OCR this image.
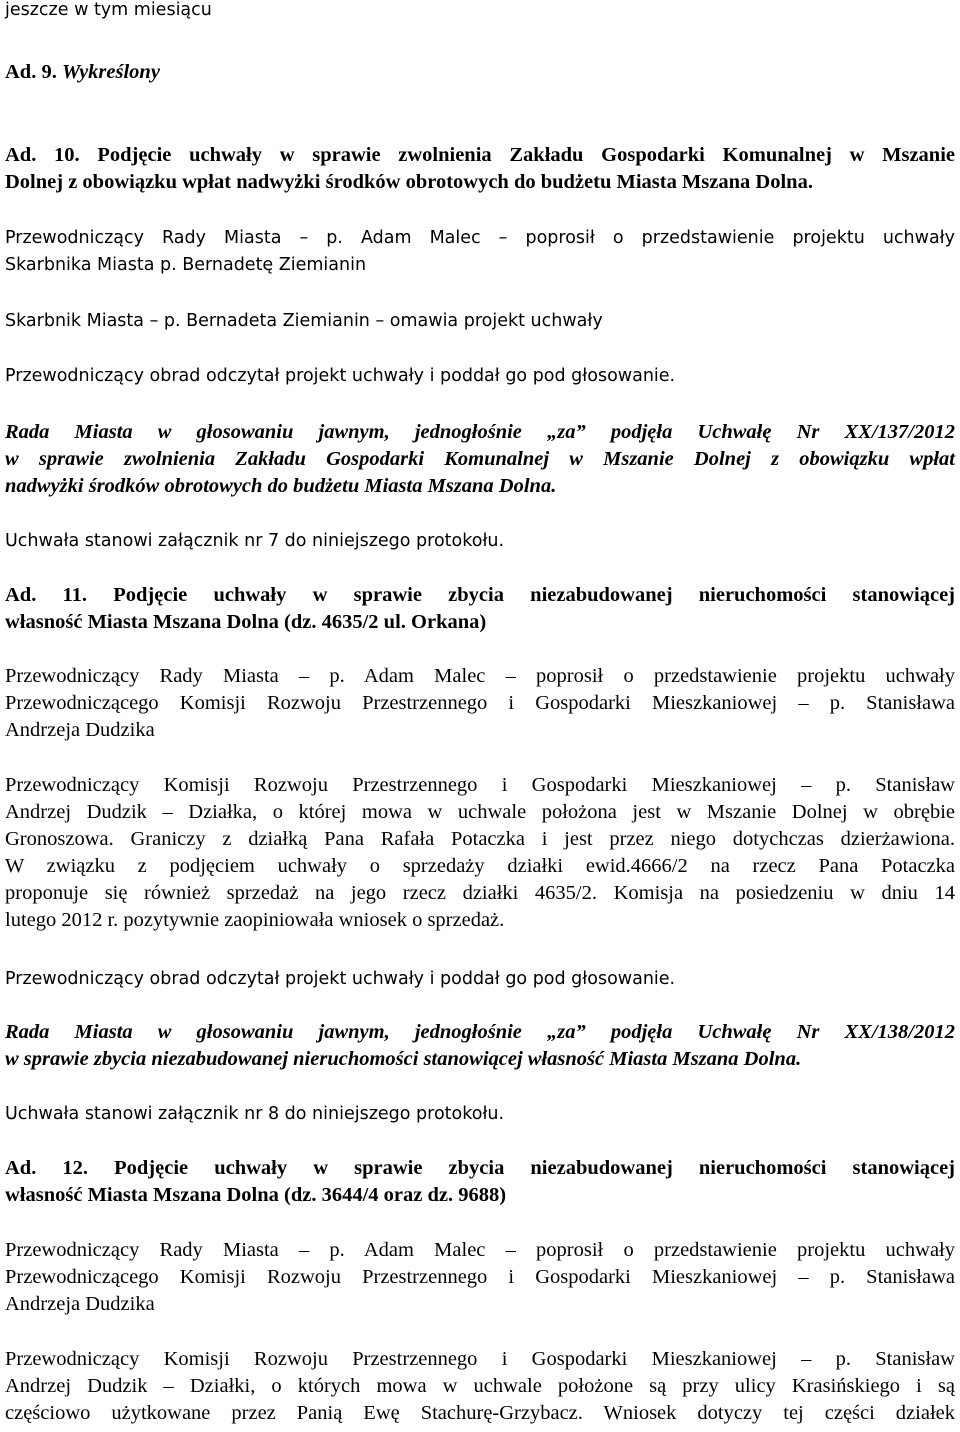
jeszcze w tym miesiącu

Ad. 9. Wykreślony

Ad. 10. Podjęcie uchwały w sprawie zwolnienia Zakładu Gospodarki Komunalnej w Mszanie
Dolnej z obowiązku wpłat nadwyżki środków obrotowych do budżetu Miasta Mszana Dolna.

Przewodniczący Rady Miasta – p. Adam Malec – poprosił o przedstawienie projektu uchwały
Skarbnika Miasta p. Bernadetę Ziemianin

Skarbnik Miasta – p. Bernadeta Ziemianin – omawia projekt uchwały

Przewodniczący obrad odczytał projekt uchwały i poddał go pod głosowanie.

Rada Miasta w głosowaniu jawnym, jednogłośnie „za” podjęła Uchwałę Nr XX/137/2012
w sprawie zwolnienia Zakładu Gospodarki Komunalnej w Mszanie Dolnej z obowiązku wpłat
nadwyżki środków obrotowych do budżetu Miasta Mszana Dolna.

Uchwała stanowi załącznik nr 7 do niniejszego protokołu.

Ad. 11. Podjęcie uchwały w sprawie zbycia niezabudowanej nieruchomości stanowiącej
własność Miasta Mszana Dolna (dz. 4635/2 ul. Orkana)

Przewodniczący Rady Miasta – p. Adam Malec – poprosił o przedstawienie projektu uchwały
Przewodniczącego Komisji Rozwoju Przestrzennego i Gospodarki Mieszkaniowej – p. Stanisława
Andrzeja Dudzika

Przewodniczący Komisji Rozwoju Przestrzennego i Gospodarki Mieszkaniowej – p. Stanisław
Andrzej Dudzik – Działka, o której mowa w uchwale położona jest w Mszanie Dolnej w obrębie
Gronoszowa. Graniczy z działką Pana Rafała Potaczka i jest przez niego dotychczas dzierżawiona.
W związku z podjęciem uchwały o sprzedaży działki ewid.4666/2 na rzecz Pana Potaczka
proponuje się również sprzedaż na jego rzecz działki 4635/2. Komisja na posiedzeniu w dniu 14
lutego 2012 r. pozytywnie zaopiniowała wniosek o sprzedaż.

Przewodniczący obrad odczytał projekt uchwały i poddał go pod głosowanie.

Rada Miasta w głosowaniu jawnym, jednogłośnie „za” podjęła Uchwałę Nr XX/138/2012
w sprawie zbycia niezabudowanej nieruchomości stanowiącej własność Miasta Mszana Dolna.

Uchwała stanowi załącznik nr 8 do niniejszego protokołu.

Ad. 12. Podjęcie uchwały w sprawie zbycia niezabudowanej nieruchomości stanowiącej
własność Miasta Mszana Dolna (dz. 3644/4 oraz dz. 9688)

Przewodniczący Rady Miasta – p. Adam Malec – poprosił o przedstawienie projektu uchwały
Przewodniczącego Komisji Rozwoju Przestrzennego i Gospodarki Mieszkaniowej – p. Stanisława
Andrzeja Dudzika

Przewodniczący Komisji Rozwoju Przestrzennego i Gospodarki Mieszkaniowej – p. Stanisław
Andrzej Dudzik – Działki, o których mowa w uchwale położone są przy ulicy Krasińskiego i są
częściowo użytkowane przez Panią Ewę Stachurę-Grzybacz. Wniosek dotyczy tej części działek
